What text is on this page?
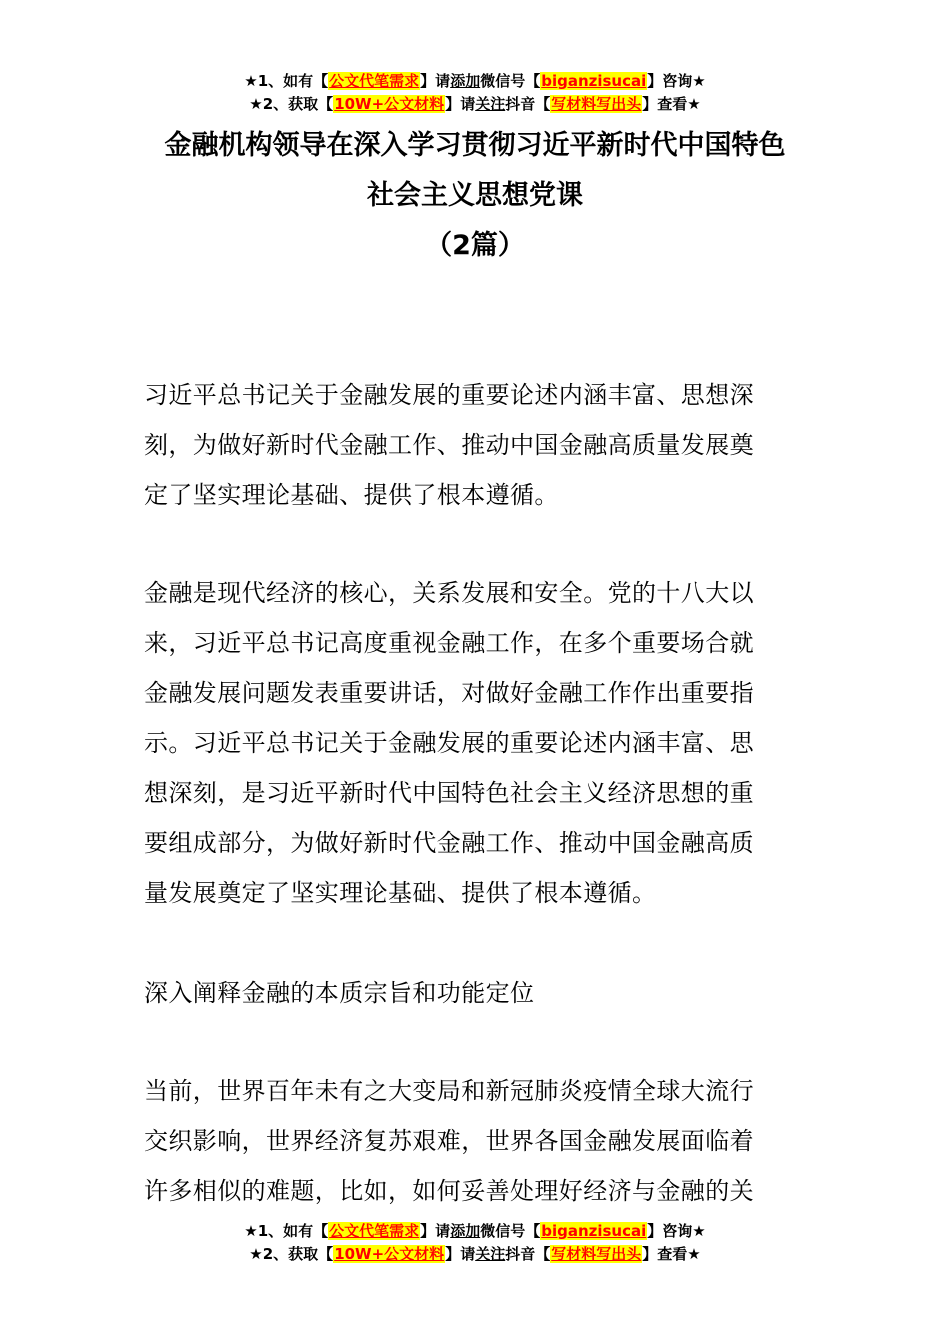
★1、如有【公文代笔需求】请添加微信号【biganzisucai】咨询★
★2、获取【10W+公文材料】请关注抖音【写材料写出头】查看★
金融机构领导在深入学习贯彻习近平新时代中国特色
社会主义思想党课
（2篇）
习近平总书记关于金融发展的重要论述内涵丰富、思想深
刻，为做好新时代金融工作、推动中国金融高质量发展奠
定了坚实理论基础、提供了根本遵循。
金融是现代经济的核心，关系发展和安全。党的十八大以
来，习近平总书记高度重视金融工作，在多个重要场合就
金融发展问题发表重要讲话，对做好金融工作作出重要指
示。习近平总书记关于金融发展的重要论述内涵丰富、思
想深刻，是习近平新时代中国特色社会主义经济思想的重
要组成部分，为做好新时代金融工作、推动中国金融高质
量发展奠定了坚实理论基础、提供了根本遵循。
深入阐释金融的本质宗旨和功能定位
当前，世界百年未有之大变局和新冠肺炎疫情全球大流行
交织影响，世界经济复苏艰难，世界各国金融发展面临着
许多相似的难题，比如，如何妥善处理好经济与金融的关
★1、如有【公文代笔需求】请添加微信号【biganzisucai】咨询★
★2、获取【10W+公文材料】请关注抖音【写材料写出头】查看★
